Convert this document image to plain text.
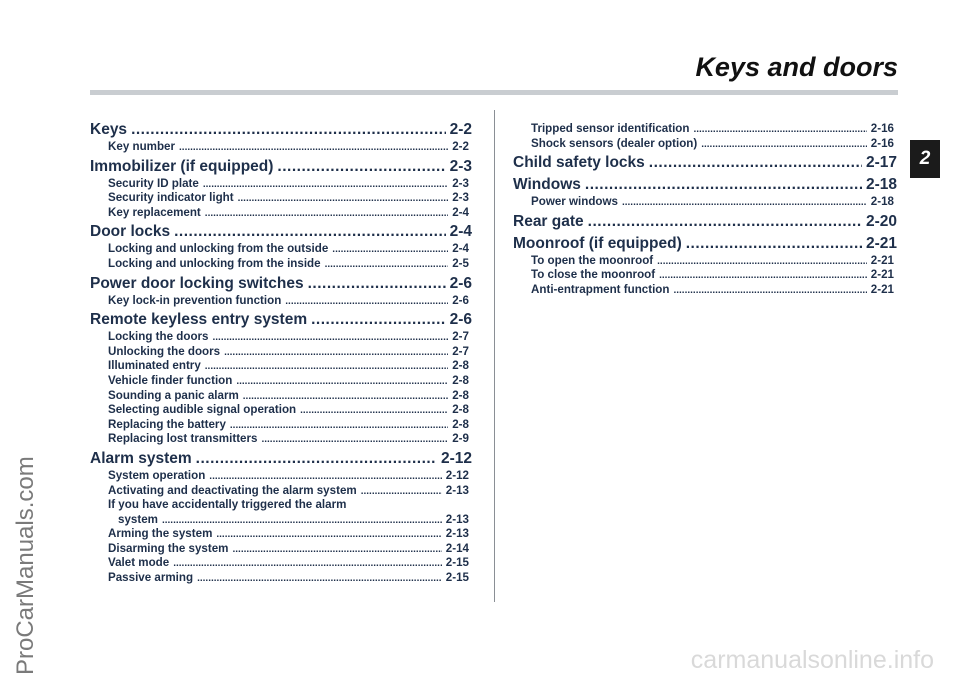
Keys and doors
2
ProCarManuals.com	carmanualsonline.info
Keys .....	2-2
Key number .....	2-2
Immobilizer (if equipped) .....	2-3
Security ID plate .....	2-3
Security indicator light .....	2-3
Key replacement .....	2-4
Door locks .....	2-4
Locking and unlocking from the outside .....	2-4
Locking and unlocking from the inside .....	2-5
Power door locking switches .....	2-6
Key lock-in prevention function .....	2-6
Remote keyless entry system .....	2-6
Locking the doors .....	2-7
Unlocking the doors .....	2-7
Illuminated entry .....	2-8
Vehicle finder function .....	2-8
Sounding a panic alarm .....	2-8
Selecting audible signal operation .....	2-8
Replacing the battery .....	2-8
Replacing lost transmitters .....	2-9
Alarm system .....	2-12
System operation .....	2-12
Activating and deactivating the alarm system .....	2-13
If you have accidentally triggered the alarm
system .....	2-13
Arming the system .....	2-13
Disarming the system .....	2-14
Valet mode .....	2-15
Passive arming .....	2-15
Tripped sensor identification .....	2-16
Shock sensors (dealer option) .....	2-16
Child safety locks .....	2-17
Windows .....	2-18
Power windows .....	2-18
Rear gate .....	2-20
Moonroof (if equipped) .....	2-21
To open the moonroof .....	2-21
To close the moonroof .....	2-21
Anti-entrapment function .....	2-21
